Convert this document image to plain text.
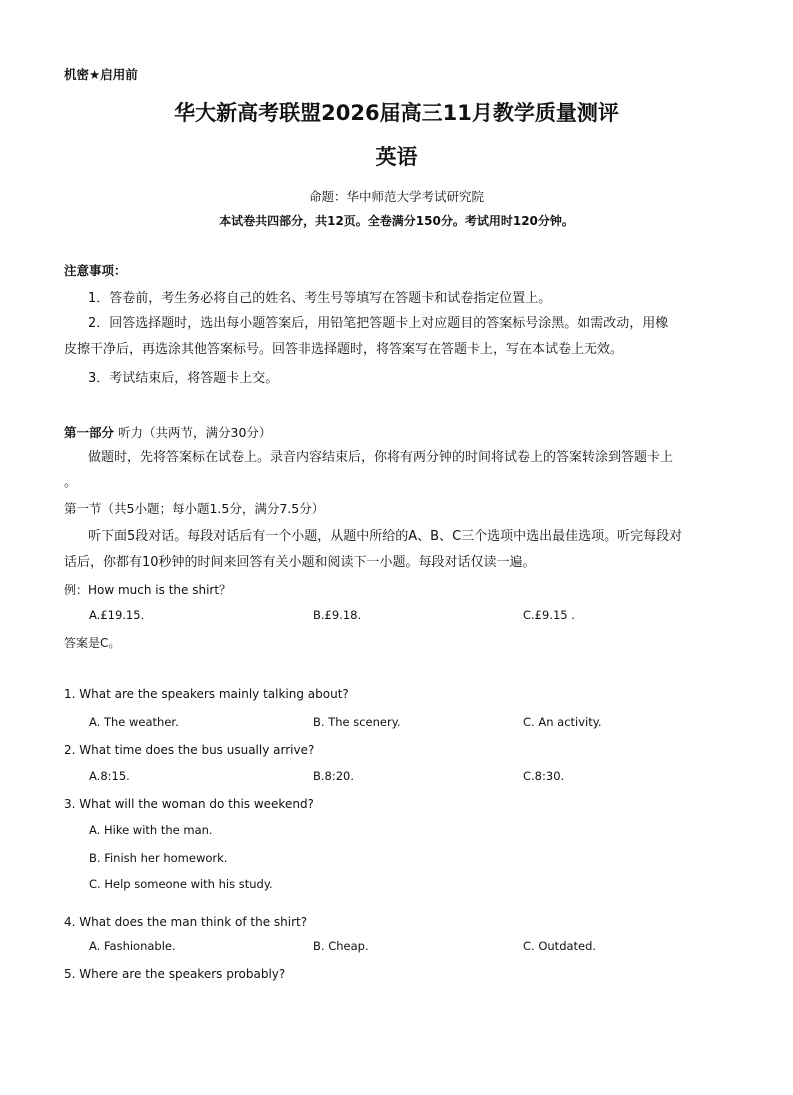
机密★启用前
华大新高考联盟2026届高三11月教学质量测评
英语
命题：华中师范大学考试研究院
本试卷共四部分，共12页。全卷满分150分。考试用时120分钟。
注意事项：
1．答卷前，考生务必将自己的姓名、考生号等填写在答题卡和试卷指定位置上。
2．回答选择题时，选出每小题答案后，用铅笔把答题卡上对应题目的答案标号涂黑。如需改动，用橡
皮擦干净后，再选涂其他答案标号。回答非选择题时，将答案写在答题卡上，写在本试卷上无效。
3．考试结束后，将答题卡上交。
第一部分 听力（共两节，满分30分）
做题时，先将答案标在试卷上。录音内容结束后，你将有两分钟的时间将试卷上的答案转涂到答题卡上
。
第一节（共5小题；每小题1.5分，满分7.5分）
听下面5段对话。每段对话后有一个小题，从题中所给的A、B、C三个选项中选出最佳选项。听完每段对
话后，你都有10秒钟的时间来回答有关小题和阅读下一小题。每段对话仅读一遍。
例：How much is the shirt？
A.£19.15.	B.£9.18.	C.£9.15 .
答案是C。
1. What are the speakers mainly talking about?
A. The weather.	B. The scenery.	C. An activity.
2. What time does the bus usually arrive?
A.8:15.	B.8:20.	C.8:30.
3. What will the woman do this weekend?
A. Hike with the man.
B. Finish her homework.
C. Help someone with his study.
4. What does the man think of the shirt?
A. Fashionable.	B. Cheap.	C. Outdated.
5. Where are the speakers probably?
